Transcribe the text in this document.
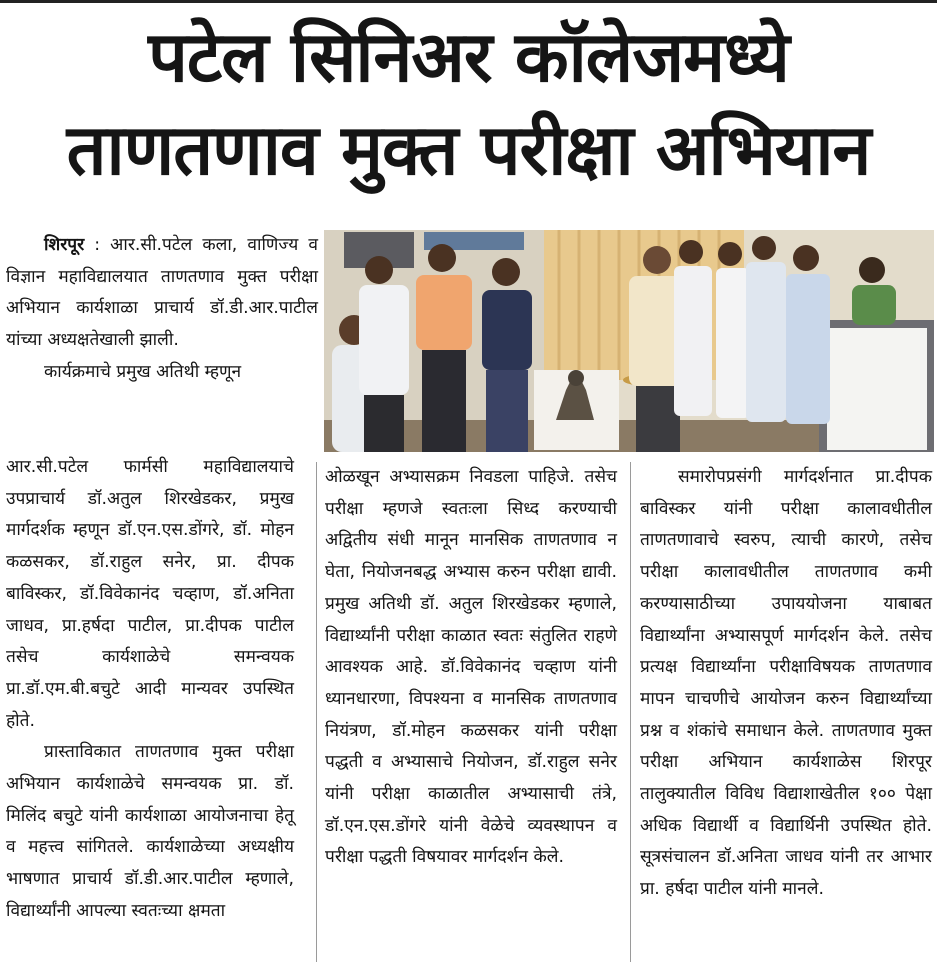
पटेल सिनिअर कॉलेजमध्ये
ताणतणाव मुक्त परीक्षा अभियान

शिरपूर : आर.सी.पटेल कला, वाणिज्य व विज्ञान महाविद्यालयात ताणतणाव मुक्त परीक्षा अभियान कार्यशाळा प्राचार्य डॉ.डी.आर.पाटील यांच्या अध्यक्षतेखाली झाली.

कार्यक्रमाचे प्रमुख अतिथी म्हणून

आर.सी.पटेल फार्मसी महाविद्यालयाचे उपप्राचार्य डॉ.अतुल शिरखेडकर, प्रमुख मार्गदर्शक म्हणून डॉ.एन.एस.डोंगरे, डॉ. मोहन कळसकर, डॉ.राहुल सनेर, प्रा. दीपक बाविस्कर, डॉ.विवेकानंद चव्हाण, डॉ.अनिता जाधव, प्रा.हर्षदा पाटील, प्रा.दीपक पाटील तसेच कार्यशाळेचे समन्वयक प्रा.डॉ.एम.बी.बचुटे आदी मान्यवर उपस्थित होते.

प्रास्ताविकात ताणतणाव मुक्त परीक्षा अभियान कार्यशाळेचे समन्वयक प्रा. डॉ. मिलिंद बचुटे यांनी कार्यशाळा आयोजनाचा हेतू व महत्त्व सांगितले. कार्यशाळेच्या अध्यक्षीय भाषणात प्राचार्य डॉ.डी.आर.पाटील म्हणाले, विद्यार्थ्यांनी आपल्या स्वतःच्या क्षमता

ओळखून अभ्यासक्रम निवडला पाहिजे. तसेच परीक्षा म्हणजे स्वतःला सिध्द करण्याची अद्वितीय संधी मानून मानसिक ताणतणाव न घेता, नियोजनबद्ध अभ्यास करुन परीक्षा द्यावी. प्रमुख अतिथी डॉ. अतुल शिरखेडकर म्हणाले, विद्यार्थ्यांनी परीक्षा काळात स्वतः संतुलित राहणे आवश्यक आहे. डॉ.विवेकानंद चव्हाण यांनी ध्यानधारणा, विपश्यना व मानसिक ताणतणाव नियंत्रण, डॉ.मोहन कळसकर यांनी परीक्षा पद्धती व अभ्यासाचे नियोजन, डॉ.राहुल सनेर यांनी परीक्षा काळातील अभ्यासाची तंत्रे, डॉ.एन.एस.डोंगरे यांनी वेळेचे व्यवस्थापन व परीक्षा पद्धती विषयावर मार्गदर्शन केले.

समारोपप्रसंगी मार्गदर्शनात प्रा.दीपक बाविस्कर यांनी परीक्षा कालावधीतील ताणतणावाचे स्वरुप, त्याची कारणे, तसेच परीक्षा कालावधीतील ताणतणाव कमी करण्यासाठीच्या उपाययोजना याबाबत विद्यार्थ्यांना अभ्यासपूर्ण मार्गदर्शन केले. तसेच प्रत्यक्ष विद्यार्थ्यांना परीक्षाविषयक ताणतणाव मापन चाचणीचे आयोजन करुन विद्यार्थ्यांच्या प्रश्न व शंकांचे समाधान केले. ताणतणाव मुक्त परीक्षा अभियान कार्यशाळेस शिरपूर तालुक्यातील विविध विद्याशाखेतील १०० पेक्षा अधिक विद्यार्थी व विद्यार्थिनी उपस्थित होते. सूत्रसंचालन डॉ.अनिता जाधव यांनी तर आभार प्रा. हर्षदा पाटील यांनी मानले.
